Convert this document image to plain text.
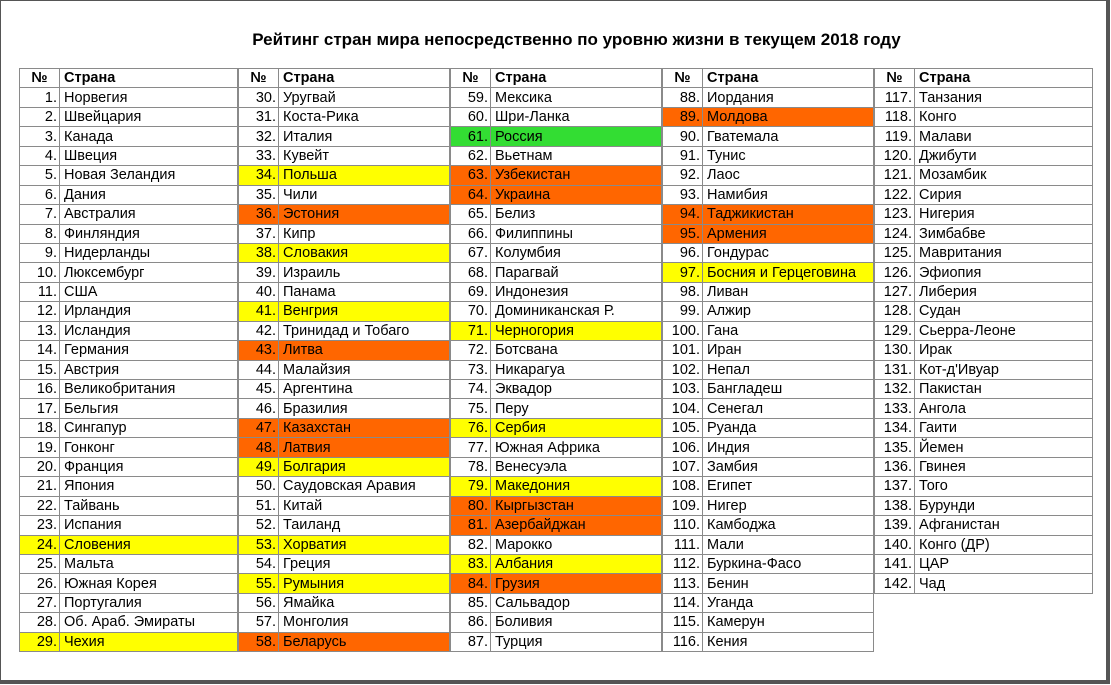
Рейтинг стран мира непосредственно по уровню жизни в текущем 2018 году
№	Страна
1.	Норвегия
2.	Швейцария
3.	Канада
4.	Швеция
5.	Новая Зеландия
6.	Дания
7.	Австралия
8.	Финляндия
9.	Нидерланды
10.	Люксембург
11.	США
12.	Ирландия
13.	Исландия
14.	Германия
15.	Австрия
16.	Великобритания
17.	Бельгия
18.	Сингапур
19.	Гонконг
20.	Франция
21.	Япония
22.	Тайвань
23.	Испания
24.	Словения
25.	Мальта
26.	Южная Корея
27.	Португалия
28.	Об. Араб. Эмираты
29.	Чехия
№	Страна
30.	Уругвай
31.	Коста-Рика
32.	Италия
33.	Кувейт
34.	Польша
35.	Чили
36.	Эстония
37.	Кипр
38.	Словакия
39.	Израиль
40.	Панама
41.	Венгрия
42.	Тринидад и Тобаго
43.	Литва
44.	Малайзия
45.	Аргентина
46.	Бразилия
47.	Казахстан
48.	Латвия
49.	Болгария
50.	Саудовская Аравия
51.	Китай
52.	Таиланд
53.	Хорватия
54.	Греция
55.	Румыния
56.	Ямайка
57.	Монголия
58.	Беларусь
№	Страна
59.	Мексика
60.	Шри-Ланка
61.	Россия
62.	Вьетнам
63.	Узбекистан
64.	Украина
65.	Белиз
66.	Филиппины
67.	Колумбия
68.	Парагвай
69.	Индонезия
70.	Доминиканская Р.
71.	Черногория
72.	Ботсвана
73.	Никарагуа
74.	Эквадор
75.	Перу
76.	Сербия
77.	Южная Африка
78.	Венесуэла
79.	Македония
80.	Кыргызстан
81.	Азербайджан
82.	Марокко
83.	Албания
84.	Грузия
85.	Сальвадор
86.	Боливия
87.	Турция
№	Страна
88.	Иордания
89.	Молдова
90.	Гватемала
91.	Тунис
92.	Лаос
93.	Намибия
94.	Таджикистан
95.	Армения
96.	Гондурас
97.	Босния и Герцеговина
98.	Ливан
99.	Алжир
100.	Гана
101.	Иран
102.	Непал
103.	Бангладеш
104.	Сенегал
105.	Руанда
106.	Индия
107.	Замбия
108.	Египет
109.	Нигер
110.	Камбоджа
111.	Мали
112.	Буркина-Фасо
113.	Бенин
114.	Уганда
115.	Камерун
116.	Кения
№	Страна
117.	Танзания
118.	Конго
119.	Малави
120.	Джибути
121.	Мозамбик
122.	Сирия
123.	Нигерия
124.	Зимбабве
125.	Мавритания
126.	Эфиопия
127.	Либерия
128.	Судан
129.	Сьерра-Леоне
130.	Ирак
131.	Кот-д'Ивуар
132.	Пакистан
133.	Ангола
134.	Гаити
135.	Йемен
136.	Гвинея
137.	Того
138.	Бурунди
139.	Афганистан
140.	Конго (ДР)
141.	ЦАР
142.	Чад
